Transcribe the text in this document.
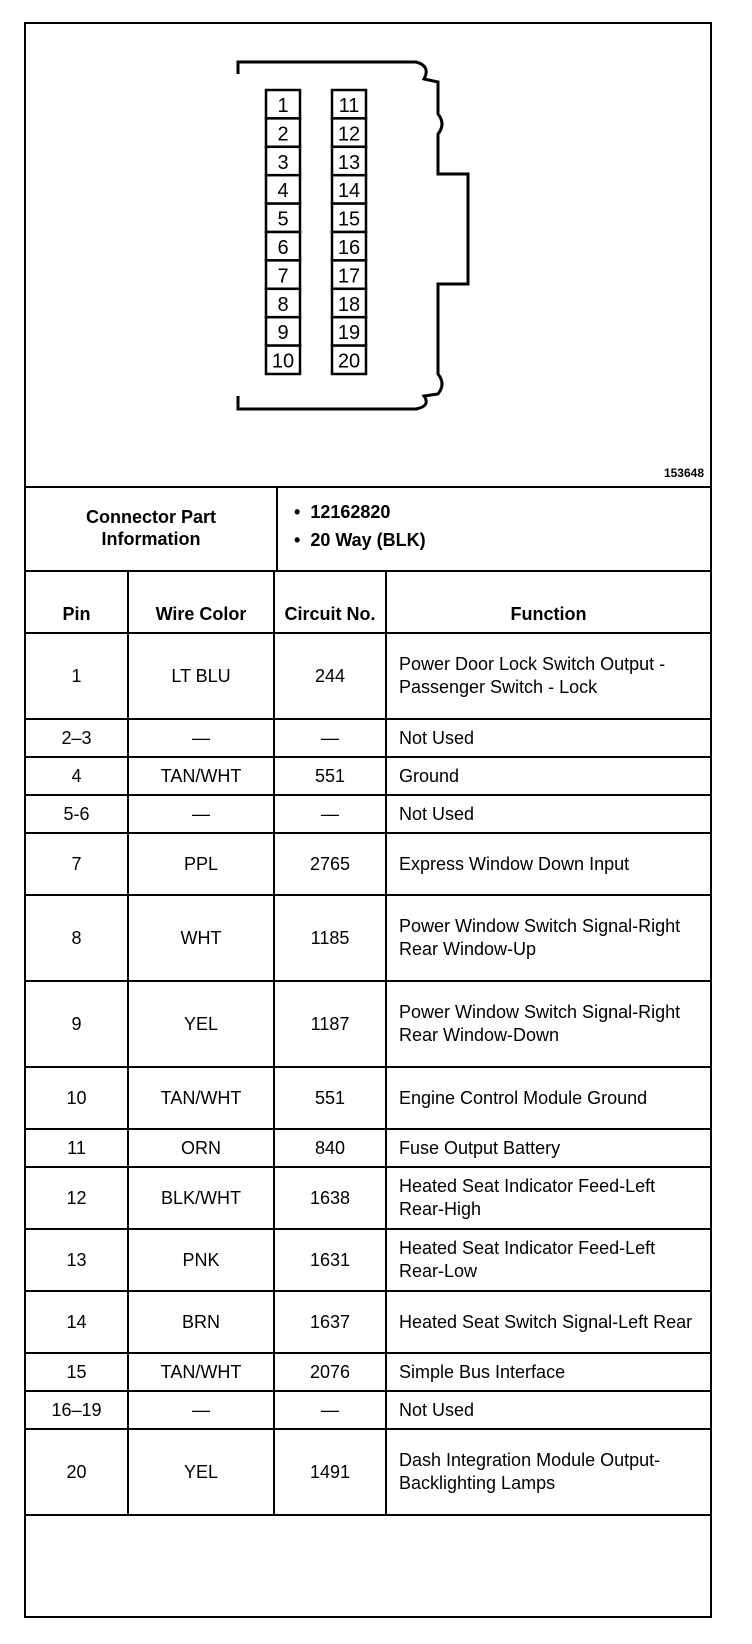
1
2
3
4
5
6
7
8
9
10
11
12
13
14
15
16
17
18
19
20
153648
Connector Part Information
• 12162820
• 20 Way (BLK)
Pin	Wire Color	Circuit No.	Function
1	LT BLU	244	Power Door Lock Switch Output - Passenger Switch - Lock
2–3	—	—	Not Used
4	TAN/WHT	551	Ground
5-6	—	—	Not Used
7	PPL	2765	Express Window Down Input
8	WHT	1185	Power Window Switch Signal-Right Rear Window-Up
9	YEL	1187	Power Window Switch Signal-Right Rear Window-Down
10	TAN/WHT	551	Engine Control Module Ground
11	ORN	840	Fuse Output Battery
12	BLK/WHT	1638	Heated Seat Indicator Feed-Left Rear-High
13	PNK	1631	Heated Seat Indicator Feed-Left Rear-Low
14	BRN	1637	Heated Seat Switch Signal-Left Rear
15	TAN/WHT	2076	Simple Bus Interface
16–19	—	—	Not Used
20	YEL	1491	Dash Integration Module Output-Backlighting Lamps
